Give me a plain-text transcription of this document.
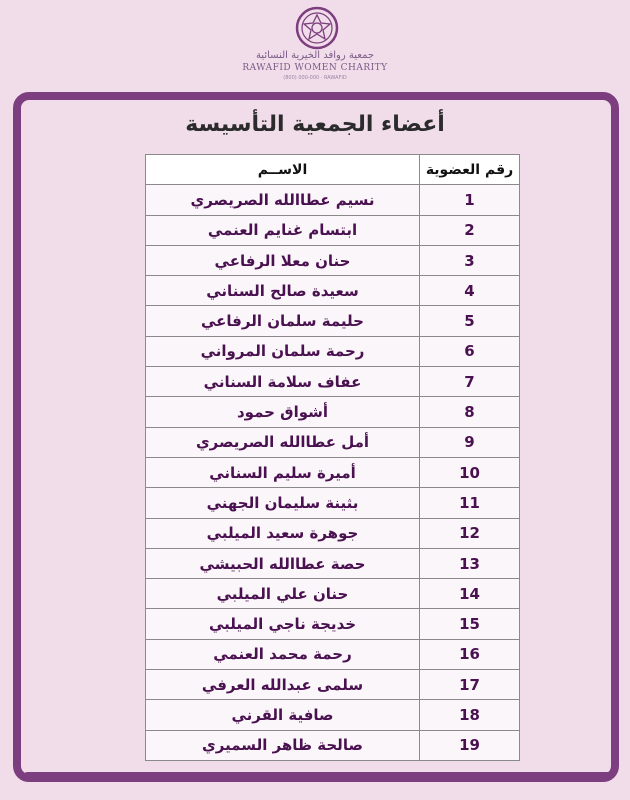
جمعية روافد الخيرية النسائية
RAWAFID WOMEN CHARITY
(800) 000-000 · RAWAFID
أعضاء الجمعية التأسيسة
رقم العضوية	الاســم
1	نسيم عطاالله الصريصري
2	ابتسام غنايم العنمي
3	حنان معلا الرفاعي
4	سعيدة صالح السناني
5	حليمة سلمان الرفاعي
6	رحمة سلمان المرواني
7	عفاف سلامة السناني
8	أشواق حمود
9	أمل عطاالله الصريصري
10	أميرة سليم السناني
11	بثينة سليمان الجهني
12	جوهرة سعيد الميلبي
13	حصة عطاالله الحبيشي
14	حنان علي الميلبي
15	خديجة ناجي الميلبي
16	رحمة محمد العنمي
17	سلمى عبدالله العرفي
18	صافية القرني
19	صالحة ظاهر السميري
